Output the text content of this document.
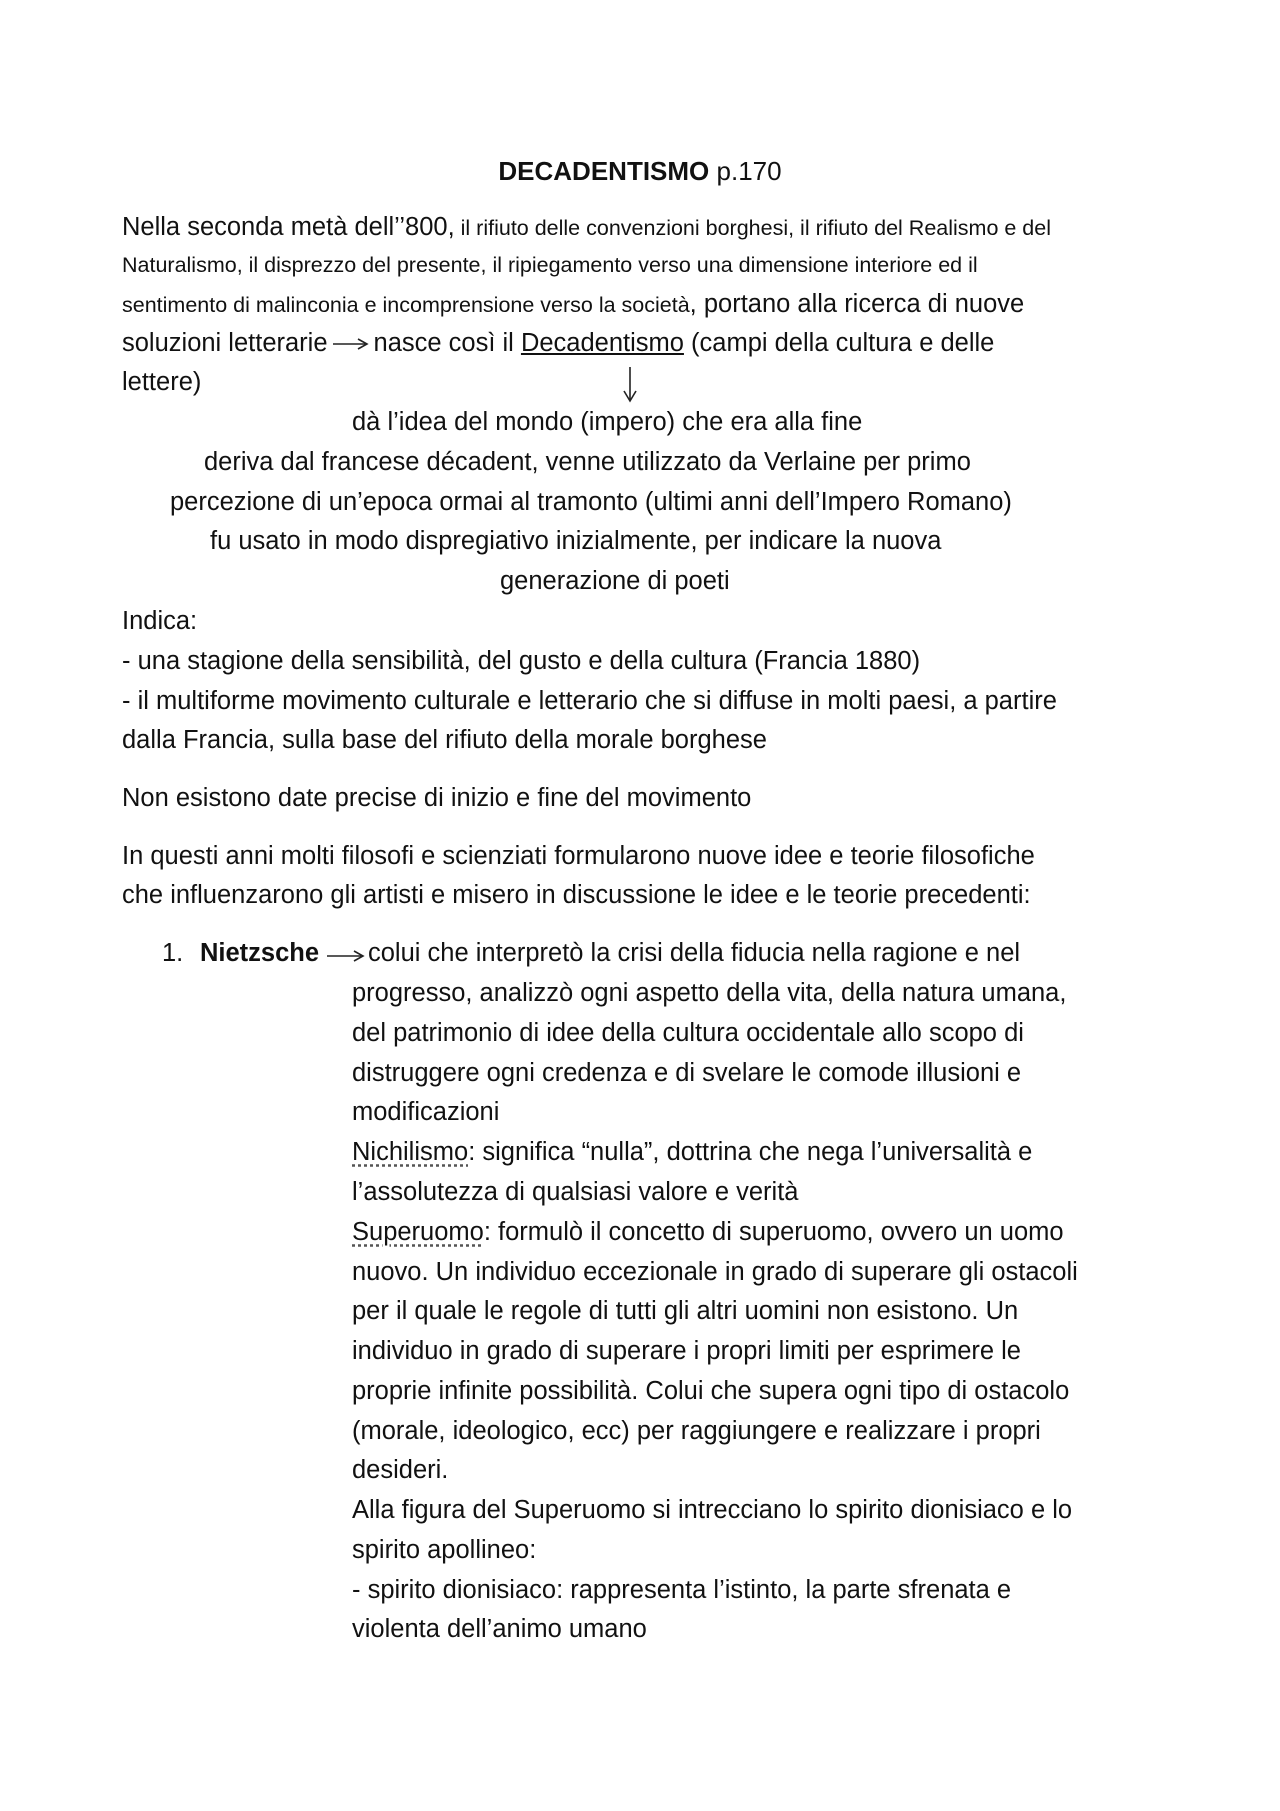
DECADENTISMO p.170
Nella seconda metà dell’’800, il rifiuto delle convenzioni borghesi, il rifiuto del Realismo e del
Naturalismo, il disprezzo del presente, il ripiegamento verso una dimensione interiore ed il
sentimento di malinconia e incomprensione verso la società, portano alla ricerca di nuove
soluzioni letterarie nasce così il Decadentismo (campi della cultura e delle
lettere)
dà l’idea del mondo (impero) che era alla fine
deriva dal francese décadent, venne utilizzato da Verlaine per primo
percezione di un’epoca ormai al tramonto (ultimi anni dell’Impero Romano)
fu usato in modo dispregiativo inizialmente, per indicare la nuova
generazione di poeti
Indica:
- una stagione della sensibilità, del gusto e della cultura (Francia 1880)
- il multiforme movimento culturale e letterario che si diffuse in molti paesi, a partire
dalla Francia, sulla base del rifiuto della morale borghese
Non esistono date precise di inizio e fine del movimento
In questi anni molti filosofi e scienziati formularono nuove idee e teorie filosofiche
che influenzarono gli artisti e misero in discussione le idee e le teorie precedenti:
1. Nietzsche colui che interpretò la crisi della fiducia nella ragione e nel
progresso, analizzò ogni aspetto della vita, della natura umana,
del patrimonio di idee della cultura occidentale allo scopo di
distruggere ogni credenza e di svelare le comode illusioni e
modificazioni
Nichilismo: significa “nulla”, dottrina che nega l’universalità e
l’assolutezza di qualsiasi valore e verità
Superuomo: formulò il concetto di superuomo, ovvero un uomo
nuovo. Un individuo eccezionale in grado di superare gli ostacoli
per il quale le regole di tutti gli altri uomini non esistono. Un
individuo in grado di superare i propri limiti per esprimere le
proprie infinite possibilità. Colui che supera ogni tipo di ostacolo
(morale, ideologico, ecc) per raggiungere e realizzare i propri
desideri.
Alla figura del Superuomo si intrecciano lo spirito dionisiaco e lo
spirito apollineo:
- spirito dionisiaco: rappresenta l’istinto, la parte sfrenata e
violenta dell’animo umano
